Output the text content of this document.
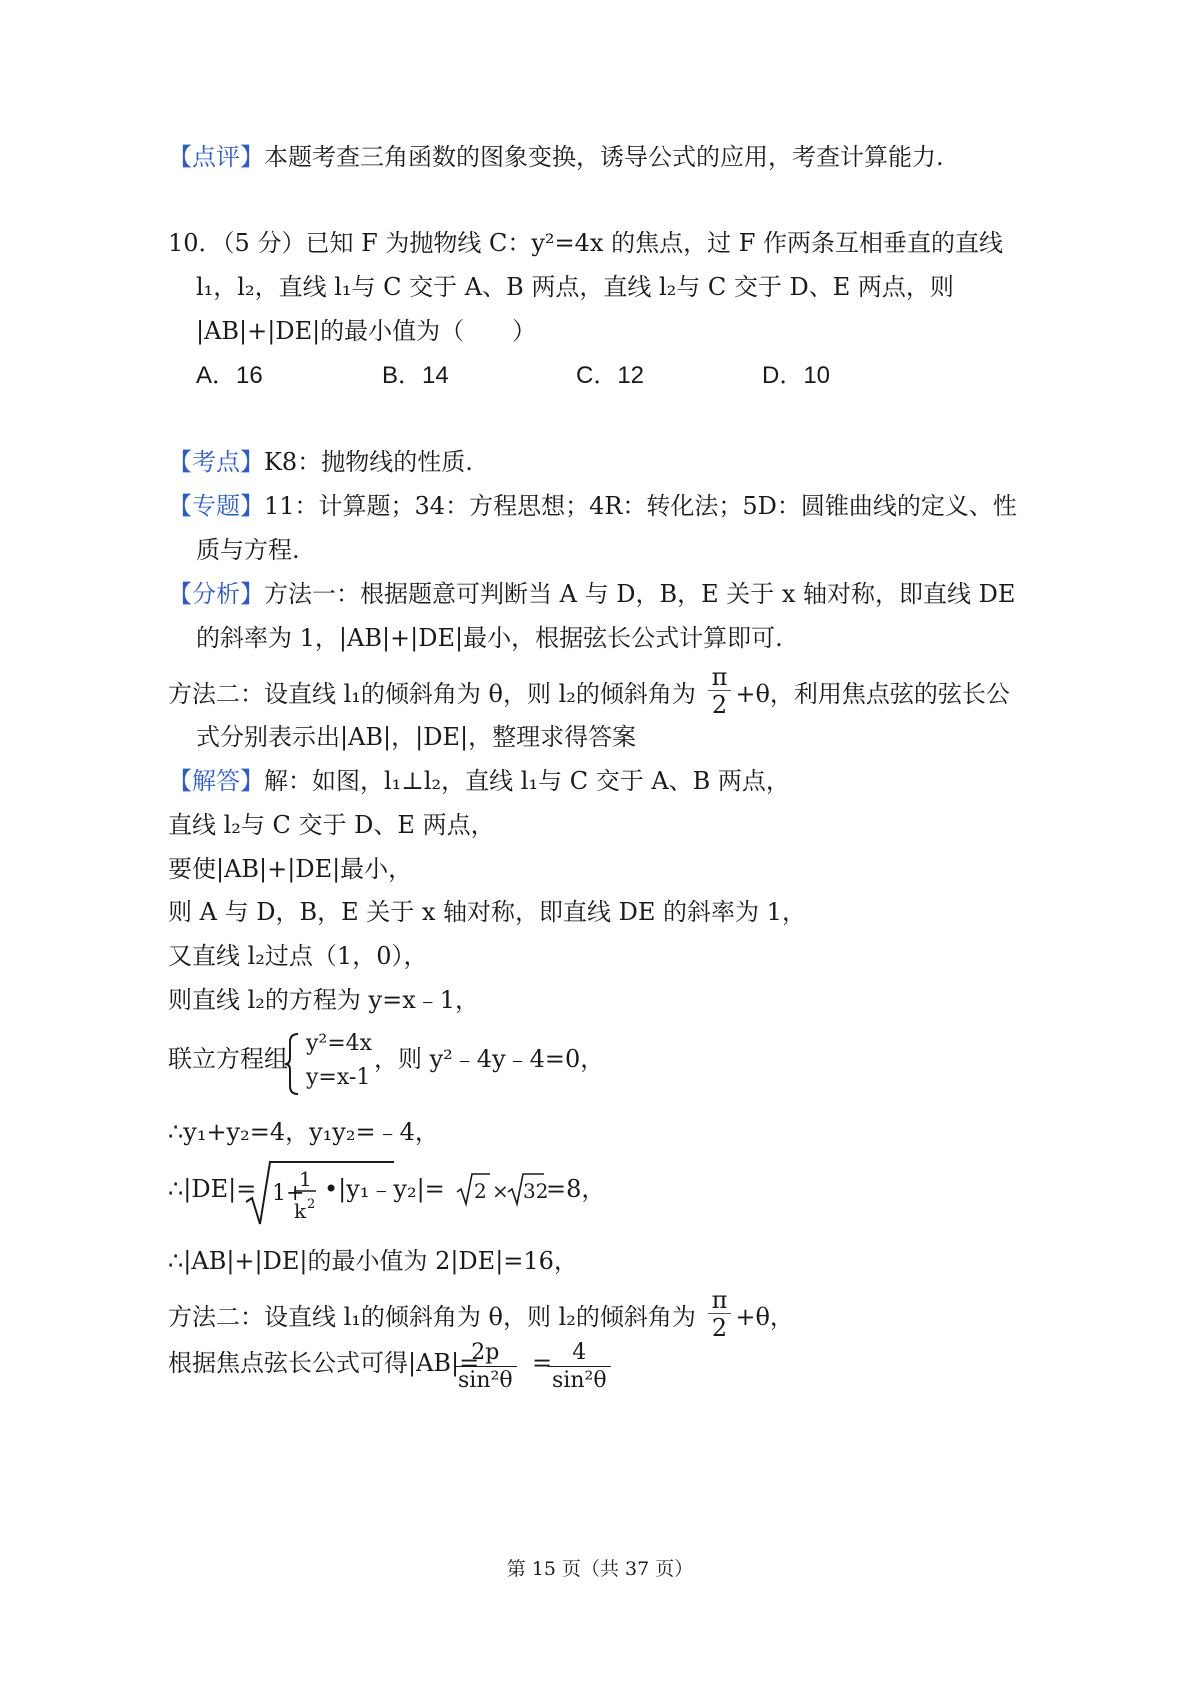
【点评】本题考查三角函数的图象变换，诱导公式的应用，考查计算能力.
10．（5 分）已知 F 为抛物线 C：y²=4x 的焦点，过 F 作两条互相垂直的直线
l₁，l₂，直线 l₁与 C 交于 A、B 两点，直线 l₂与 C 交于 D、E 两点，则
|AB|+|DE|的最小值为（　　）
A．16	B．14	C．12	D．10
【考点】K8：抛物线的性质.
【专题】11：计算题；34：方程思想；4R：转化法；5D：圆锥曲线的定义、性
质与方程.
【分析】方法一：根据题意可判断当 A 与 D，B，E 关于 x 轴对称，即直线 DE
的斜率为 1，|AB|+|DE|最小，根据弦长公式计算即可.
方法二：设直线 l₁的倾斜角为 θ，则 l₂的倾斜角为 $\frac{\pi}{2} +\theta$，利用焦点弦的弦长公
式分别表示出|AB|，|DE|，整理求得答案
【解答】解：如图，l₁⊥l₂，直线 l₁与 C 交于 A、B 两点，
直线 l₂与 C 交于 D、E 两点，
要使|AB|+|DE|最小，
则 A 与 D，B，E 关于 x 轴对称，即直线 DE 的斜率为 1，
又直线 l₂过点（1，0），
则直线 l₂的方程为 y=x﹣1，
联立方程组
y²=4x
y=x-1
，则 y²﹣4y﹣4=0，
∴y₁+y₂=4，y₁y₂=﹣4，
∴|DE|= 1+
1
k 2
•|y₁﹣y₂|= 2 × 32
=8，
∴|AB|+|DE|的最小值为 2|DE|=16，
方法二：设直线 l₁的倾斜角为 θ，则 l₂的倾斜角为 $\frac{\pi}{2} +\theta$，
根据焦点弦长公式可得|AB|=
$\frac{2p}{\text{sin²θ}}$ =
$\frac{4}{\text{sin²θ}}$
第 15 页（共 37 页）
